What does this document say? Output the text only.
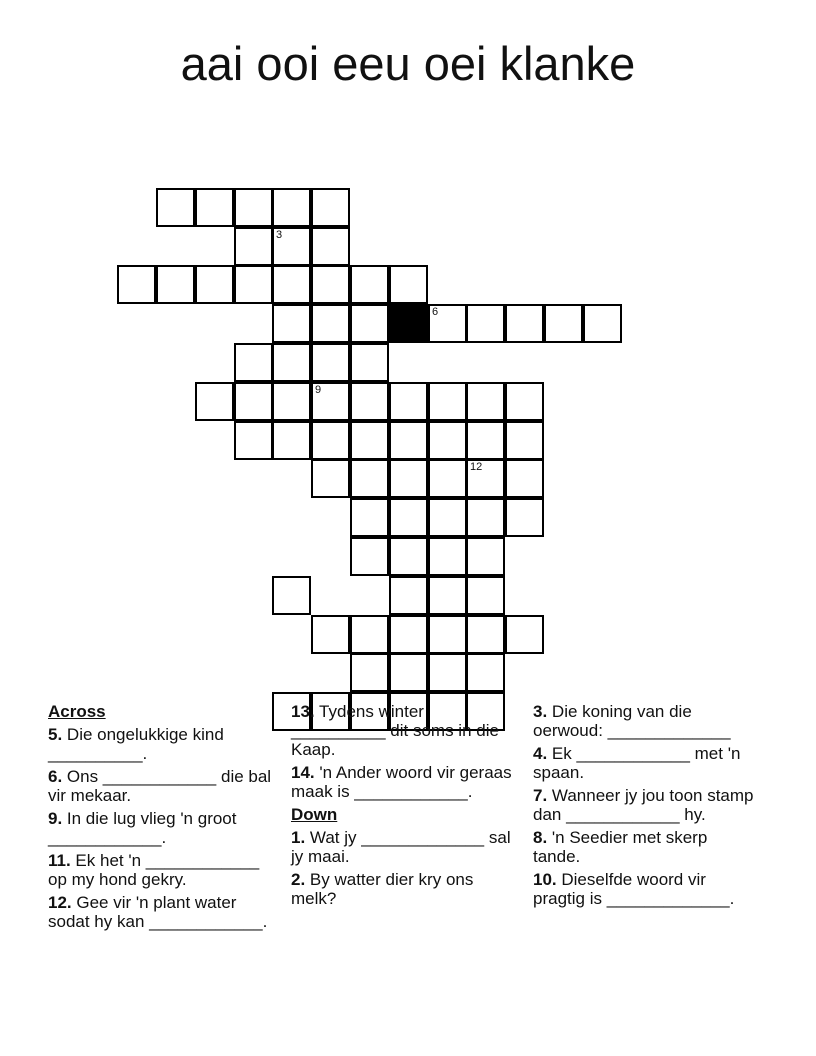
aai ooi eeu oei klanke
3
6
9
12

Across

5. Die ongelukkige kind __________.

6. Ons ____________ die bal vir mekaar.

9. In die lug vlieg 'n groot ____________.

11. Ek het 'n ____________ op my hond gekry.

12. Gee vir 'n plant water sodat hy kan ____________.

13. Tydens winter __________ dit soms in die Kaap.

14. 'n Ander woord vir geraas maak is ____________.

Down

1. Wat jy _____________ sal jy maai.

2. By watter dier kry ons melk?

3. Die koning van die oerwoud: _____________

4. Ek ____________ met 'n spaan.

7. Wanneer jy jou toon stamp dan ____________ hy.

8. 'n Seedier met skerp tande.

10. Dieselfde woord vir pragtig is _____________.
